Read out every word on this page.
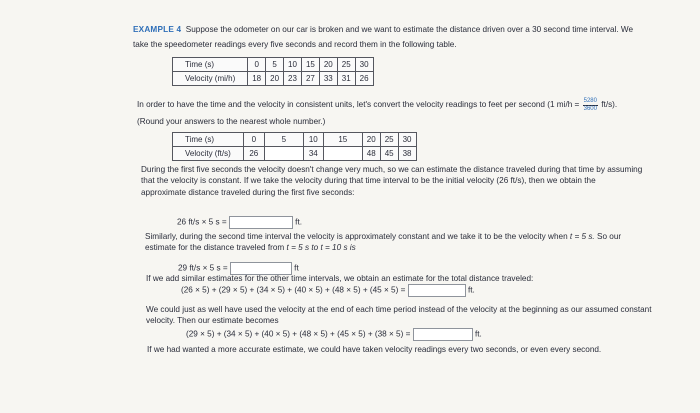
EXAMPLE 4 Suppose the odometer on our car is broken and we want to estimate the distance driven over a 30 second time interval. We
take the speedometer readings every five seconds and record them in the following table.
Time (s)	0	5	10	15	20	25	30
Velocity (mi/h)	18	20	23	27	33	31	26
In order to have the time and the velocity in consistent units, let's convert the velocity readings to feet per second (1 $mi/h = \frac{5280}{3600} ft/s$).
(Round your answers to the nearest whole number.)
Time (s)	0	5	10	15	20	25	30
Velocity (ft/s)	26		34		48	45	38
During the first five seconds the velocity doesn't change very much, so we can estimate the distance traveled during that time by assuming
that the velocity is constant. If we take the velocity during that time interval to be the initial velocity (26 ft/s), then we obtain the
approximate distance traveled during the first five seconds:
26 ft/s × 5 s =	ft.
Similarly, during the second time interval the velocity is approximately constant and we take it to be the velocity when t = 5 s. So our
estimate for the distance traveled from t = 5 s to t = 10 s is
29 ft/s × 5 s =	ft
If we add similar estimates for the other time intervals, we obtain an estimate for the total distance traveled:
(26 × 5) + (29 × 5) + (34 × 5) + (40 × 5) + (48 × 5) + (45 × 5) =	ft.
We could just as well have used the velocity at the end of each time period instead of the velocity at the beginning as our assumed constant
velocity. Then our estimate becomes
(29 × 5) + (34 × 5) + (40 × 5) + (48 × 5) + (45 × 5) + (38 × 5) =	ft.
If we had wanted a more accurate estimate, we could have taken velocity readings every two seconds, or even every second.
